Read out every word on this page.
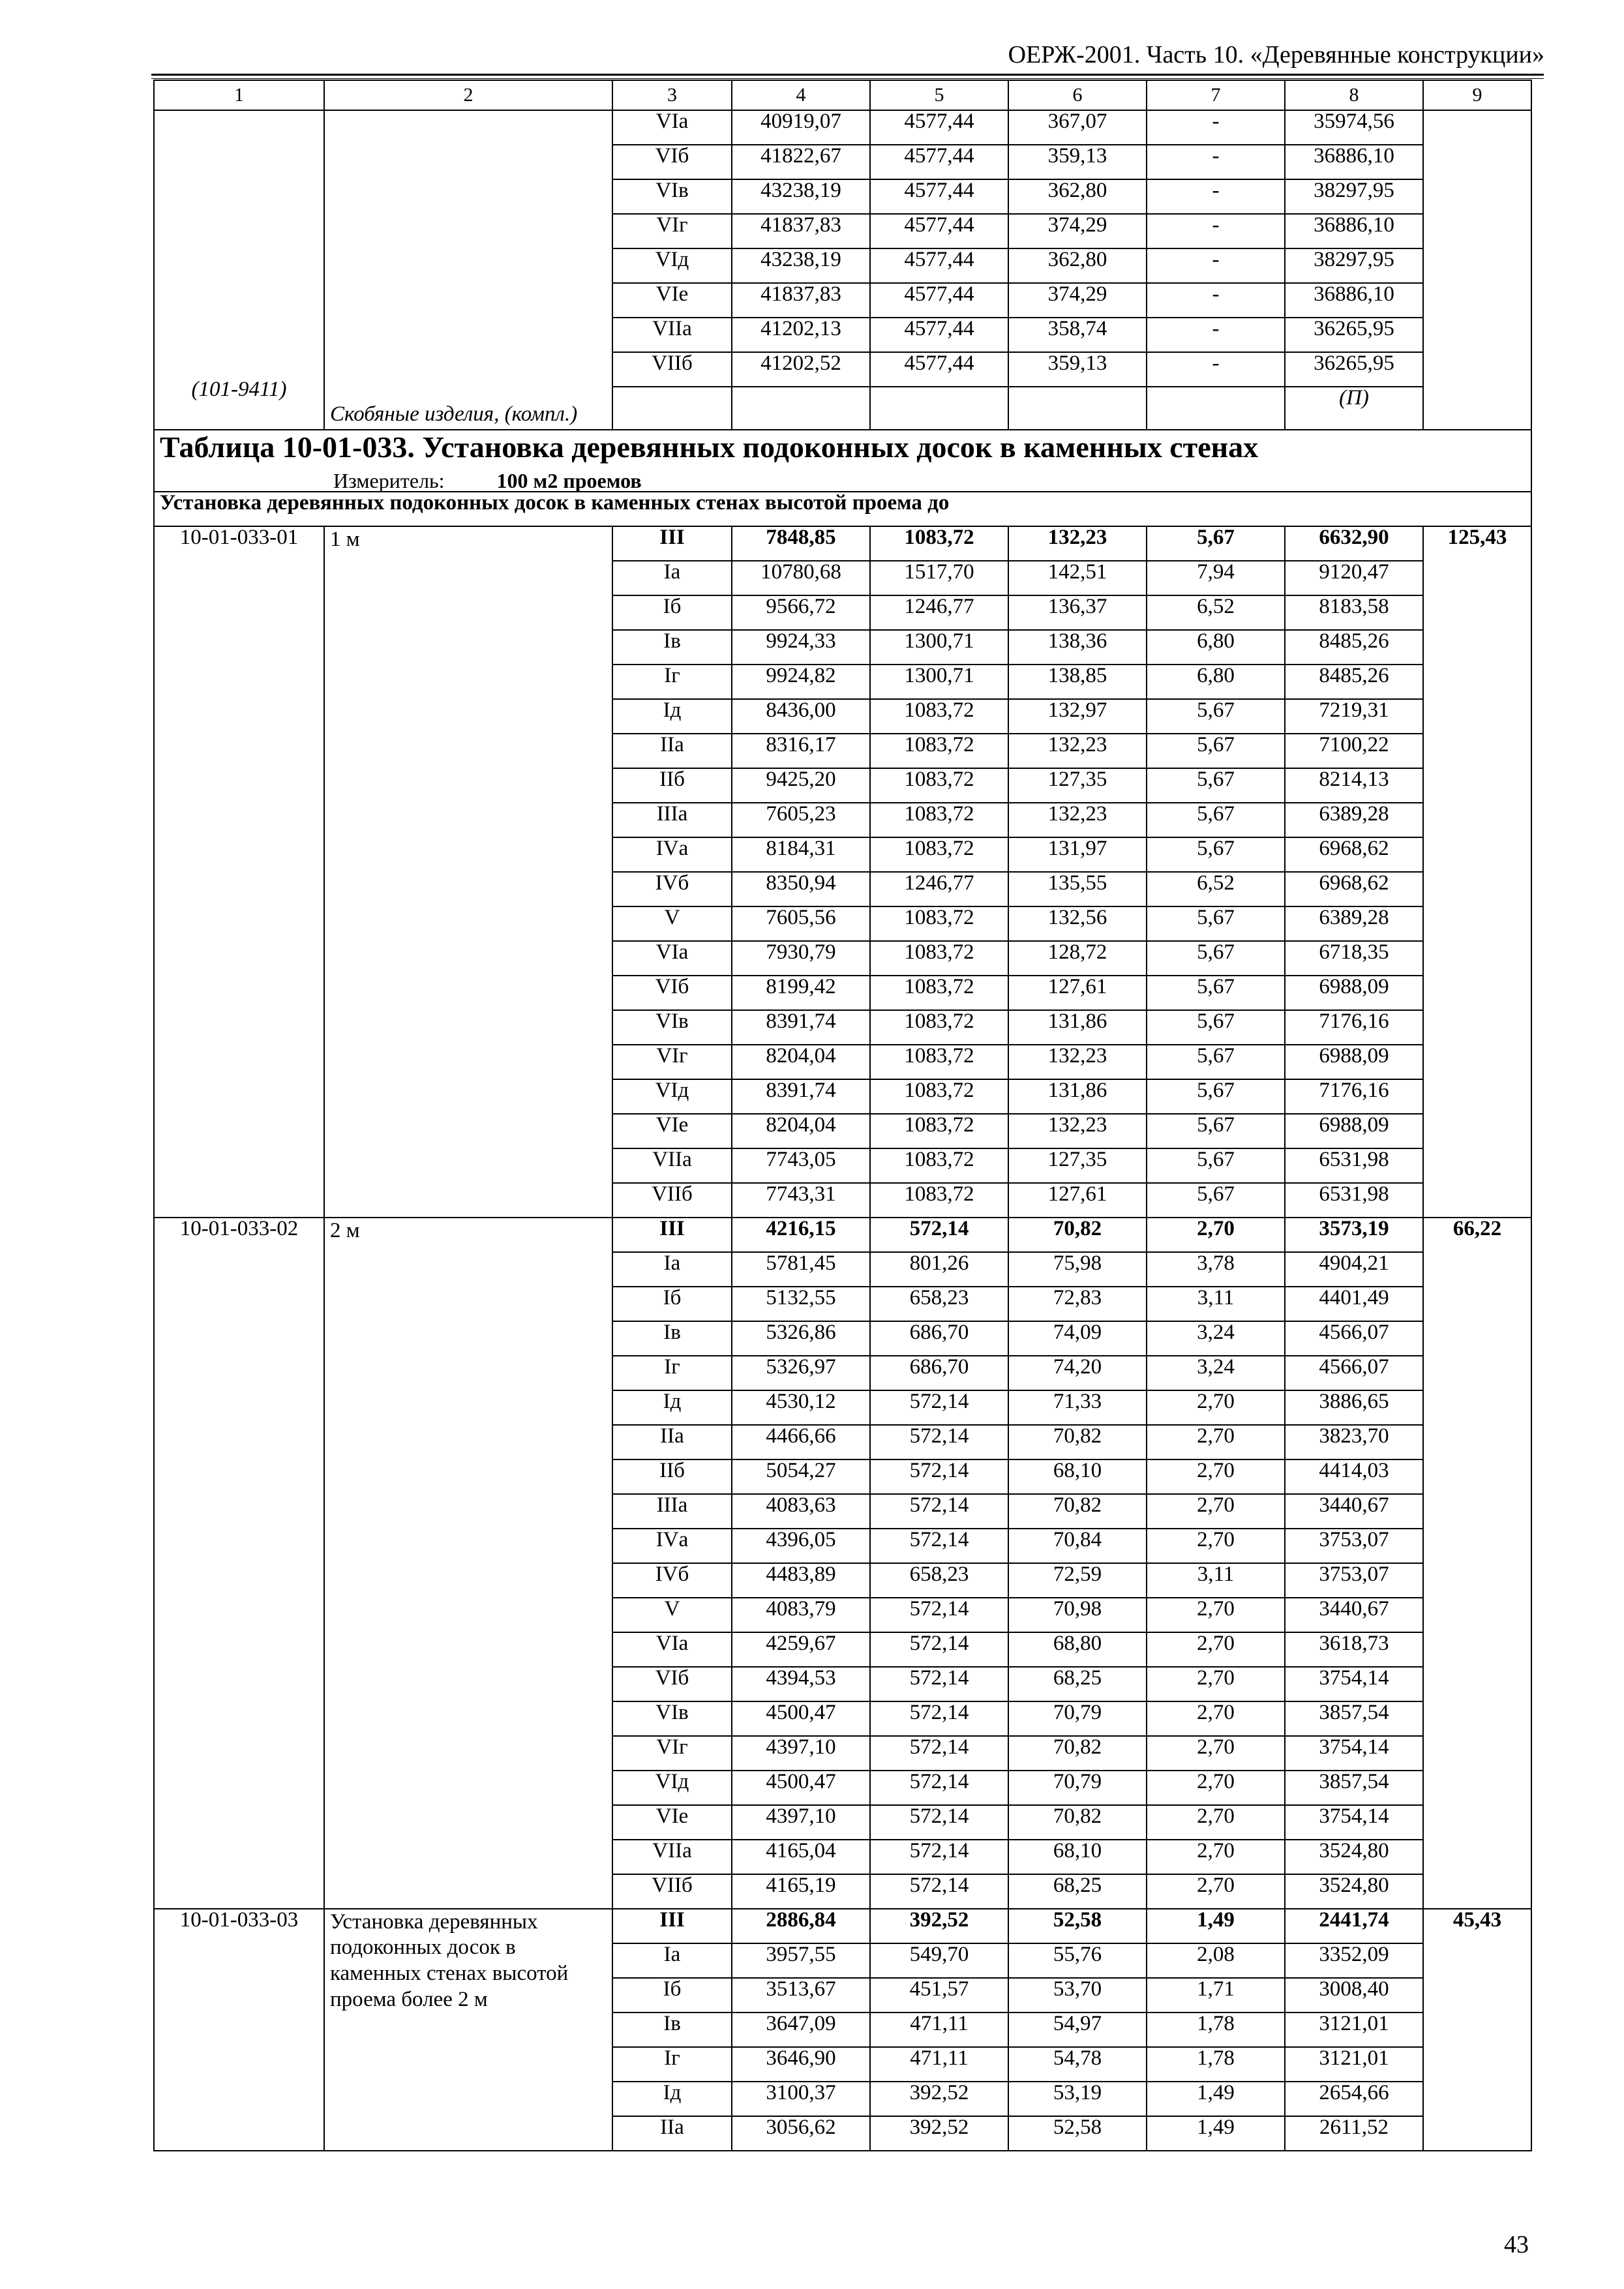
ОЕРЖ-2001. Часть 10. «Деревянные конструкции»
1	2	3	4	5	6	7	8	9
(101-9411)	Скобяные изделия, (компл.)	VIа	40919,07	4577,44	367,07	-	35974,56	
		VIб	41822,67	4577,44	359,13	-	36886,10	
		VIв	43238,19	4577,44	362,80	-	38297,95	
		VIг	41837,83	4577,44	374,29	-	36886,10	
		VIд	43238,19	4577,44	362,80	-	38297,95	
		VIе	41837,83	4577,44	374,29	-	36886,10	
		VIIа	41202,13	4577,44	358,74	-	36265,95	
		VIIб	41202,52	4577,44	359,13	-	36265,95	
							(П)	

Таблица 10-01-033. Установка деревянных подоконных досок в каменных стенах
Измеритель: 100 м2 проемов								

Установка деревянных подоконных досок в каменных стенах высотой проема до								
10-01-033-01	1 м	III	7848,85	1083,72	132,23	5,67	6632,90	125,43
		Iа	10780,68	1517,70	142,51	7,94	9120,47	
		Iб	9566,72	1246,77	136,37	6,52	8183,58	
		Iв	9924,33	1300,71	138,36	6,80	8485,26	
		Iг	9924,82	1300,71	138,85	6,80	8485,26	
		Iд	8436,00	1083,72	132,97	5,67	7219,31	
		IIа	8316,17	1083,72	132,23	5,67	7100,22	
		IIб	9425,20	1083,72	127,35	5,67	8214,13	
		IIIа	7605,23	1083,72	132,23	5,67	6389,28	
		IVа	8184,31	1083,72	131,97	5,67	6968,62	
		IVб	8350,94	1246,77	135,55	6,52	6968,62	
		V	7605,56	1083,72	132,56	5,67	6389,28	
		VIа	7930,79	1083,72	128,72	5,67	6718,35	
		VIб	8199,42	1083,72	127,61	5,67	6988,09	
		VIв	8391,74	1083,72	131,86	5,67	7176,16	
		VIг	8204,04	1083,72	132,23	5,67	6988,09	
		VIд	8391,74	1083,72	131,86	5,67	7176,16	
		VIе	8204,04	1083,72	132,23	5,67	6988,09	
		VIIа	7743,05	1083,72	127,35	5,67	6531,98	
		VIIб	7743,31	1083,72	127,61	5,67	6531,98	
10-01-033-02	2 м	III	4216,15	572,14	70,82	2,70	3573,19	66,22
		Iа	5781,45	801,26	75,98	3,78	4904,21	
		Iб	5132,55	658,23	72,83	3,11	4401,49	
		Iв	5326,86	686,70	74,09	3,24	4566,07	
		Iг	5326,97	686,70	74,20	3,24	4566,07	
		Iд	4530,12	572,14	71,33	2,70	3886,65	
		IIа	4466,66	572,14	70,82	2,70	3823,70	
		IIб	5054,27	572,14	68,10	2,70	4414,03	
		IIIа	4083,63	572,14	70,82	2,70	3440,67	
		IVа	4396,05	572,14	70,84	2,70	3753,07	
		IVб	4483,89	658,23	72,59	3,11	3753,07	
		V	4083,79	572,14	70,98	2,70	3440,67	
		VIа	4259,67	572,14	68,80	2,70	3618,73	
		VIб	4394,53	572,14	68,25	2,70	3754,14	
		VIв	4500,47	572,14	70,79	2,70	3857,54	
		VIг	4397,10	572,14	70,82	2,70	3754,14	
		VIд	4500,47	572,14	70,79	2,70	3857,54	
		VIе	4397,10	572,14	70,82	2,70	3754,14	
		VIIа	4165,04	572,14	68,10	2,70	3524,80	
		VIIб	4165,19	572,14	68,25	2,70	3524,80	
10-01-033-03	Установка деревянных подоконных досок в каменных стенах высотой проема более 2 м	III	2886,84	392,52	52,58	1,49	2441,74	45,43
		Iа	3957,55	549,70	55,76	2,08	3352,09	
		Iб	3513,67	451,57	53,70	1,71	3008,40	
		Iв	3647,09	471,11	54,97	1,78	3121,01	
		Iг	3646,90	471,11	54,78	1,78	3121,01	
		Iд	3100,37	392,52	53,19	1,49	2654,66	
		IIа	3056,62	392,52	52,58	1,49	2611,52	
43
